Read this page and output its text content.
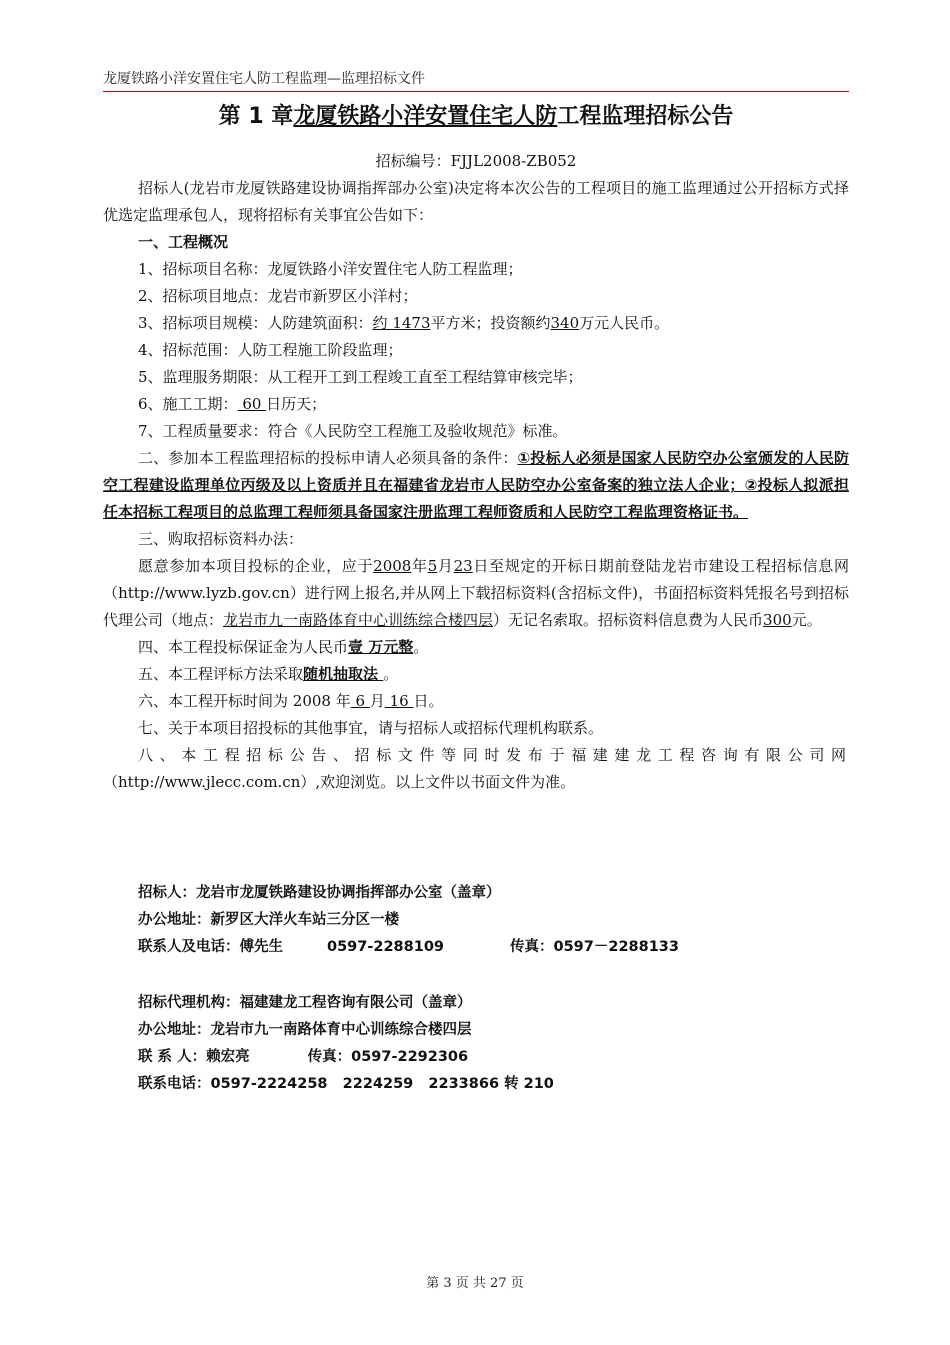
龙厦铁路小洋安置住宅人防工程监理—监理招标文件
第 1 章龙厦铁路小洋安置住宅人防工程监理招标公告

招标编号：FJJL2008-ZB052

招标人(龙岩市龙厦铁路建设协调指挥部办公室)决定将本次公告的工程项目的施工监理通过公开招标方式择优选定监理承包人，现将招标有关事宜公告如下：

一、工程概况

1、招标项目名称：龙厦铁路小洋安置住宅人防工程监理；

2、招标项目地点：龙岩市新罗区小洋村；

3、招标项目规模：人防建筑面积：约 1473平方米；投资额约340万元人民币。

4、招标范围：人防工程施工阶段监理；

5、监理服务期限：从工程开工到工程竣工直至工程结算审核完毕；

6、施工工期： 60 日历天；

7、工程质量要求：符合《人民防空工程施工及验收规范》标准。

二、参加本工程监理招标的投标申请人必须具备的条件：①投标人必须是国家人民防空办公室颁发的人民防空工程建设监理单位丙级及以上资质并且在福建省龙岩市人民防空办公室备案的独立法人企业；②投标人拟派担任本招标工程项目的总监理工程师须具备国家注册监理工程师资质和人民防空工程监理资格证书。

三、购取招标资料办法：

愿意参加本项目投标的企业，应于2008年5月23日至规定的开标日期前登陆龙岩市建设工程招标信息网（http://www.lyzb.gov.cn）进行网上报名,并从网上下载招标资料(含招标文件)，书面招标资料凭报名号到招标代理公司（地点：龙岩市九一南路体育中心训练综合楼四层）无记名索取。招标资料信息费为人民币300元。

四、本工程投标保证金为人民币壹 万元整。

五、本工程评标方法采取随机抽取法 。

六、本工程开标时间为 2008 年 6 月 16 日。

七、关于本项目招投标的其他事宜，请与招标人或招标代理机构联系。

八、本工程招标公告、招标文件等同时发布于福建建龙工程咨询有限公司网

（http://www.jlecc.com.cn）,欢迎浏览。以上文件以书面文件为准。

招标人：龙岩市龙厦铁路建设协调指挥部办公室（盖章）
办公地址：新罗区大洋火车站三分区一楼
联系人及电话：傅先生	0597-2288109	传真：0597－2288133
招标代理机构：福建建龙工程咨询有限公司（盖章）
办公地址：龙岩市九一南路体育中心训练综合楼四层
联 系 人：赖宏亮	传真：0597-2292306
联系电话：0597-2224258   2224259   2233866 转 210
第 3 页 共 27 页
